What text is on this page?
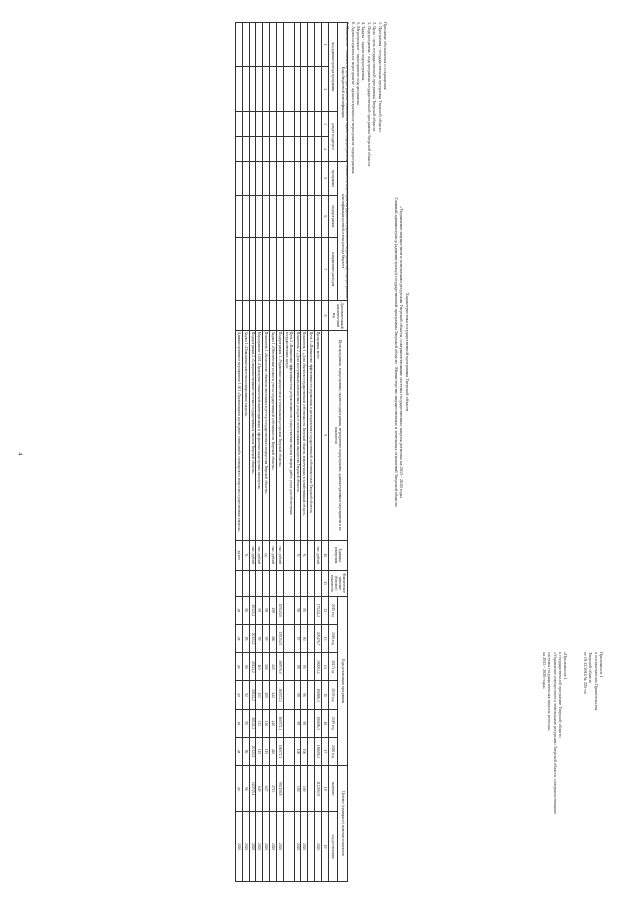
4
Приложение 1
к постановлению Правительства
Тверской области
от 19.12.2014 № 225-пп
«Приложение 1
к государственной программе Тверской области
«Управление имуществом и земельными ресурсами Тверской области, совершенствование
системы государственных закупок региона»
на 2015 - 2020 годы»
Характеристика государственной программы Тверской области
«Управление имуществом и земельными ресурсами Тверской области, совершенствование системы государственных закупок региона» на 2015 - 2020 годы
Главный администратор (администратор) государственной программы Тверской области - Министерство имущественных и земельных отношений Тверской области
Принятые обозначения и сокращения:
1. Программа - государственная программа Тверской области.
2. Цель - цель государственной программы Тверской области.
3. Подпрограмма - подпрограмма государственной программы Тверской области.
4. Задача - задача подпрограммы.
5. Мероприятие - мероприятие подпрограммы.
6. Административное мероприятие - административное мероприятие подпрограммы.
7. Показатель - показатель цели программы, показатель задачи подпрограммы, показатель мероприятия (административного мероприятия) подпрограммы.
Коды бюджетной классификации				классификация целевой статьи расхода бюджета			Дополнительный аналитический код	Цели программы, подпрограммы, задачи подпрограммы, мероприятия подпрограммы, административные мероприятия и их показатели	Единица измерения	Фактическое значение (базовое) показателя	Годы реализации программы						Целевое (суммарное) значение показателя	
код администратора программы		раздел подраздел		программа	подпрограмма	направление расходов					2015 год	2016 год	2017 год	2018 год	2019 год	2020 год	значение	год достижения
1	2	3	4	5	6	7	8	9	10	11	12	13	14	15	16	17	18	19
								Программа, всего	тыс. рублей		175244,2	205476,7	190094,2	180696,3	180696,3	180696,3	1112903,9	2020
								Цель 1 «Повышение эффективности управления и распоряжения государственной собственностью Тверской области»										
								Показатель 1 «Доля объектов государственной собственности Тверской области, вовлеченных в хозяйственный оборот»	%		85	90	95	96	98	100	100	2020
								Показатель 2 «Доля поступивших неналоговых доходов от использования имущества Тверской области»	%		96	97	98	98	99	100	100	2020
								Цель 2 «Повышение эффективности и результативности осуществления закупок товаров, работ, услуг для обеспечения государственных нужд»										
								Подпрограмма 1 «Управление имуществом и земельными ресурсами Тверской области»	тыс. рублей		155120,0	185352,5	169970,0	160572,1	160572,1	160572,1	992158,8	2020
								Задача 1 «Обеспечение полноты учета государственной собственности Тверской области»	тыс. рублей		488	460	443	442	440	440	2713	2020
								Показатель 1 «Количество объектов, внесенных в реестр государственного имущества Тверской области»	ед.		98	99	100	105	110	115	627	2020
								Мероприятие 1.001 «Проведение технической инвентаризации и оформление кадастровых паспортов»	тыс. рублей		99	99	110	113	113	115	649	2020
								Подпрограмма 2 «Совершенствование системы государственных закупок Тверской области»	тыс. рублей		20124,2	20124,2	20124,2	20124,2	20124,2	20124,2	120745,1	2020
								Задача 1 «Повышение качества планирования закупок»	%		80	85	90	92	95	96	96	2020
								Административное мероприятие 1.001 «Организация и проведение совещаний и семинаров по вопросам осуществления закупок»	да/нет		да	да	да	да	да	да	да	2020
